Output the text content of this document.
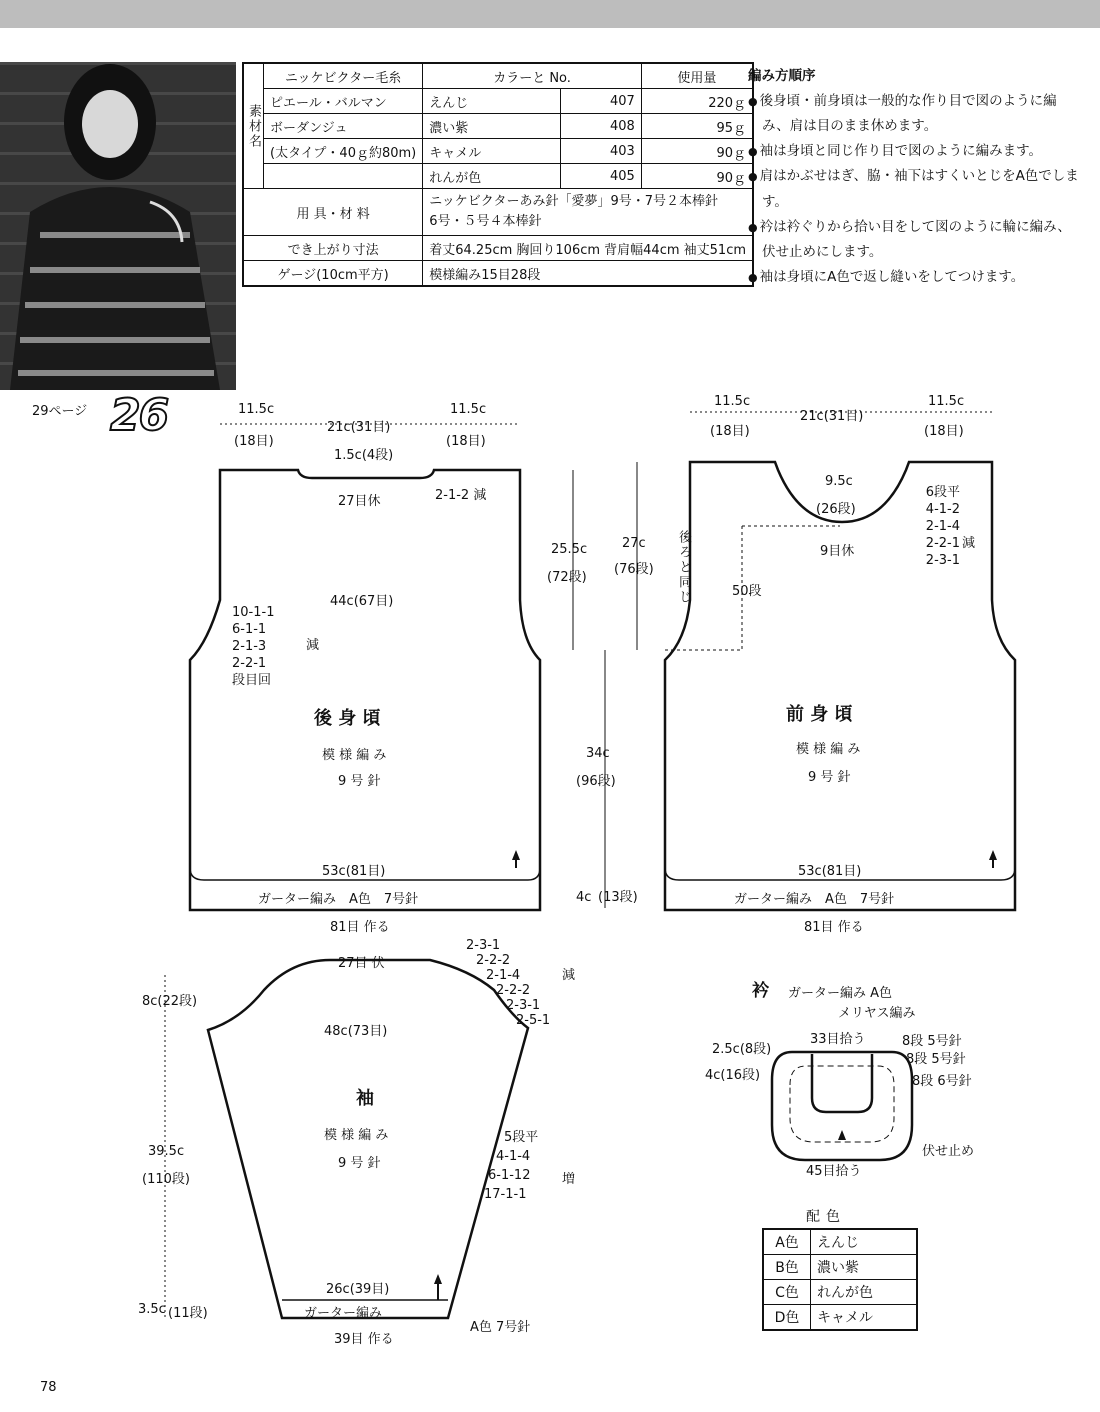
素材名	ニッケビクター毛糸	カラーと No.		使用量
	ピエール・バルマン	えんじ	407	220ｇ
	ボーダンジュ	濃い紫	408	95ｇ
	(太タイプ・40ｇ約80m)	キャメル	403	90ｇ
		れんが色	405	90ｇ
用 具・材 料		ニッケビクターあみ針「愛夢」9号・7号２本棒針
6号・５号４本棒針		

でき上がり寸法		着丈64.25cm 胸回り106cm 背肩幅44cm 袖丈51cm		
ゲージ(10cm平方)		模様編み15目28段		
編み方順序
● 後身頃・前身頃は一般的な作り目で図のように編み、肩は目のまま休めます。
● 袖は身頃と同じ作り目で図のように編みます。
● 肩はかぶせはぎ、脇・袖下はすくいとじをA色でします。
● 衿は衿ぐりから拾い目をして図のように輪に編み、伏せ止めにします。
● 袖は身頃にA色で返し縫いをしてつけます。
29ページ 26	11.5c
(18目)
21c(31目)
11.5c
(18目)
1.5c(4段)
27目休	2-1-2 減
44c(67目)
10-1-1
6-1-1
2-1-3
2-2-1
段目回
減
後 身 頃
模 様 編 み
9 号 針
53c(81目)
ガーター編み　A色　7号針
81目 作る
25.5c
(72段)
27c
(76段) 後ろと同じ
34c
(96段)
4c (13段)
11.5c
(18目)
21c(31目)
11.5c
(18目)
9.5c
(26段)
9目休
6段平
4-1-2
2-1-4
2-2-1
2-3-1
減
50段
前 身 頃
模 様 編 み
9 号 針
53c(81目)
ガーター編み　A色　7号針
81目 作る
27目 伏
2-3-1
2-2-2
2-1-4
2-2-2
2-3-1
2-5-1
減
48c(73目)
8c(22段)
袖
模 様 編 み
9 号 針
39.5c
(110段)
5段平
4-1-4
6-1-12
17-1-1
増
26c(39目)
ガーター編み
3.5c (11段)
A色 7号針
39目 作る
衿 ガーター編み A色
メリヤス編み
33目拾う
2.5c(8段)
4c(16段)
8段 5号針
8段 5号針
8段 6号針
伏せ止め
45目拾う
配色
A色	えんじ
B色	濃い紫
C色	れんが色
D色	キャメル
78
